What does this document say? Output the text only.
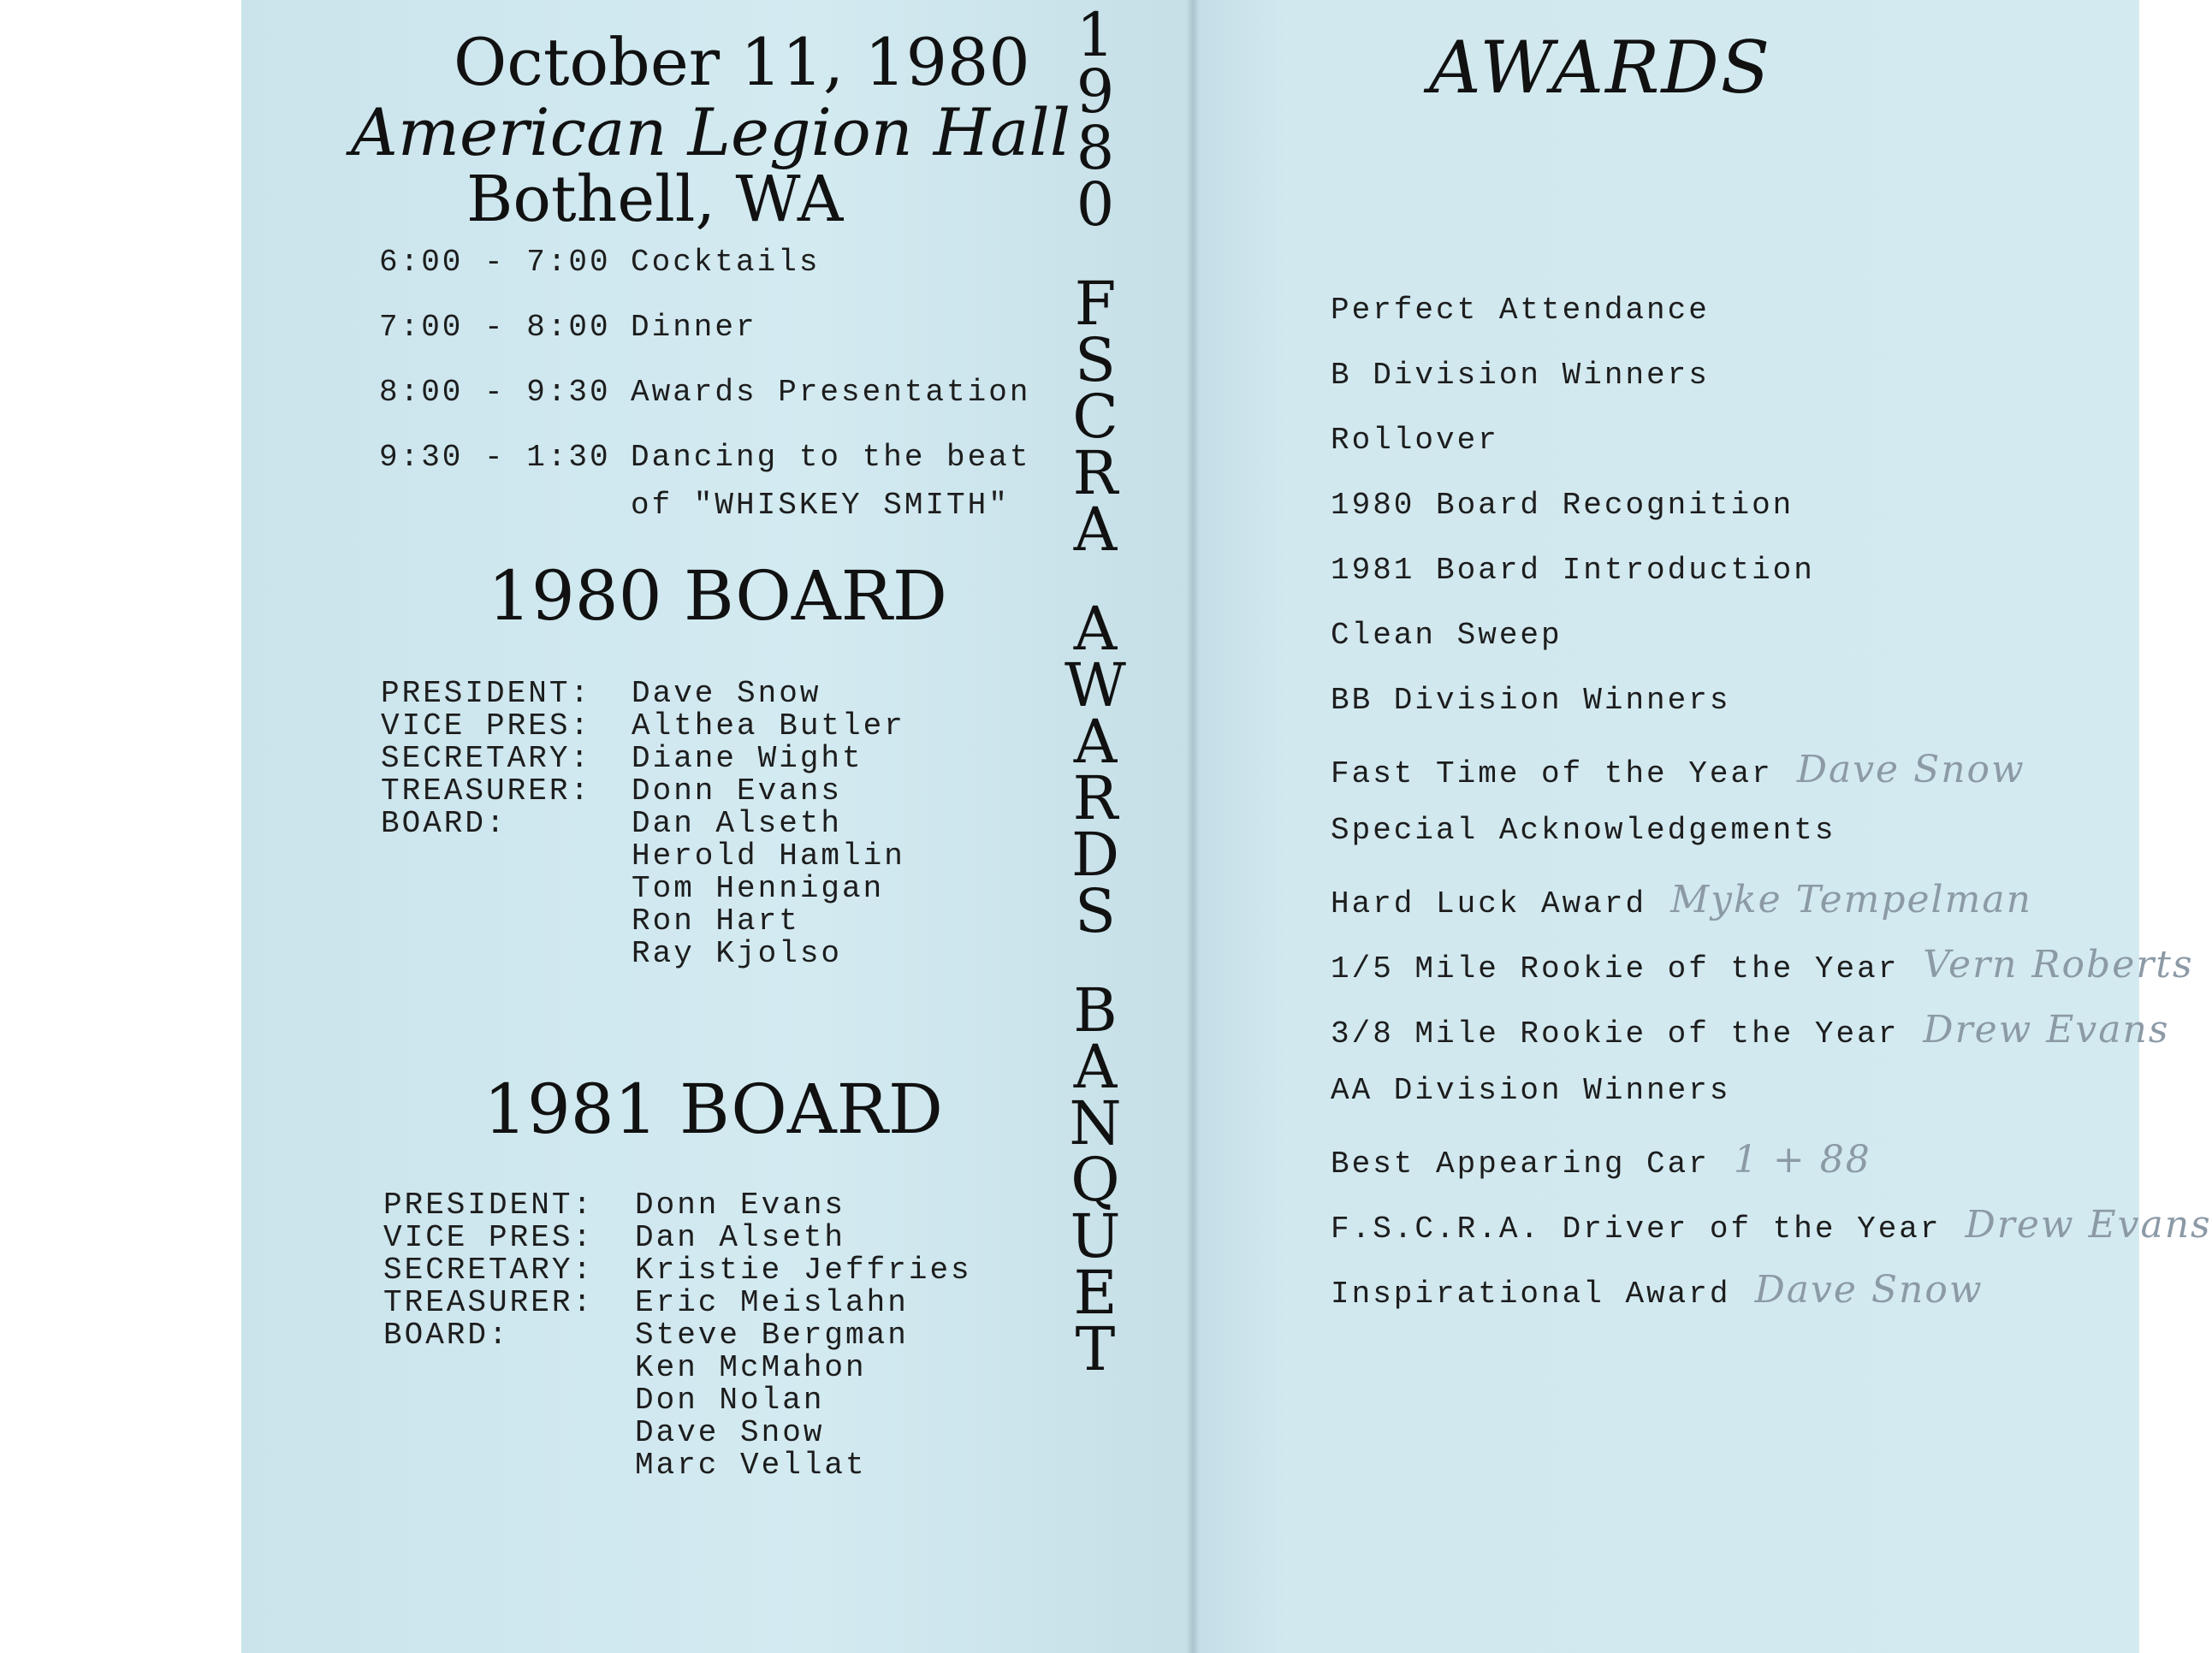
October 11, 1980
American Legion Hall
Bothell, WA
6:00 - 7:00 Cocktails
7:00 - 8:00 Dinner
8:00 - 9:30 Awards Presentation
9:30 - 1:30 Dancing to the beat
of "WHISKEY SMITH"
1980 BOARD
PRESIDENT:
VICE PRES:
SECRETARY:
TREASURER:
BOARD:
Dave Snow
Althea Butler
Diane Wight
Donn Evans
Dan Alseth
Herold Hamlin
Tom Hennigan
Ron Hart
Ray Kjolso
1981 BOARD
PRESIDENT:
VICE PRES:
SECRETARY:
TREASURER:
BOARD:
Donn Evans
Dan Alseth
Kristie Jeffries
Eric Meislahn
Steve Bergman
Ken McMahon
Don Nolan
Dave Snow
Marc Vellat
1
9
8
0
F
S
C
R
A
A
W
A
R
D
S
B
A
N
Q
U
E
T
AWARDS
Perfect Attendance
B Division Winners
Rollover
1980 Board Recognition
1981 Board Introduction
Clean Sweep
BB Division Winners
Fast Time of the Year Dave Snow
Special Acknowledgements
Hard Luck Award Myke Tempelman
1/5 Mile Rookie of the Year Vern Roberts
3/8 Mile Rookie of the Year Drew Evans
AA Division Winners
Best Appearing Car 1 + 88
F.S.C.R.A. Driver of the Year Drew Evans
Inspirational Award Dave Snow
